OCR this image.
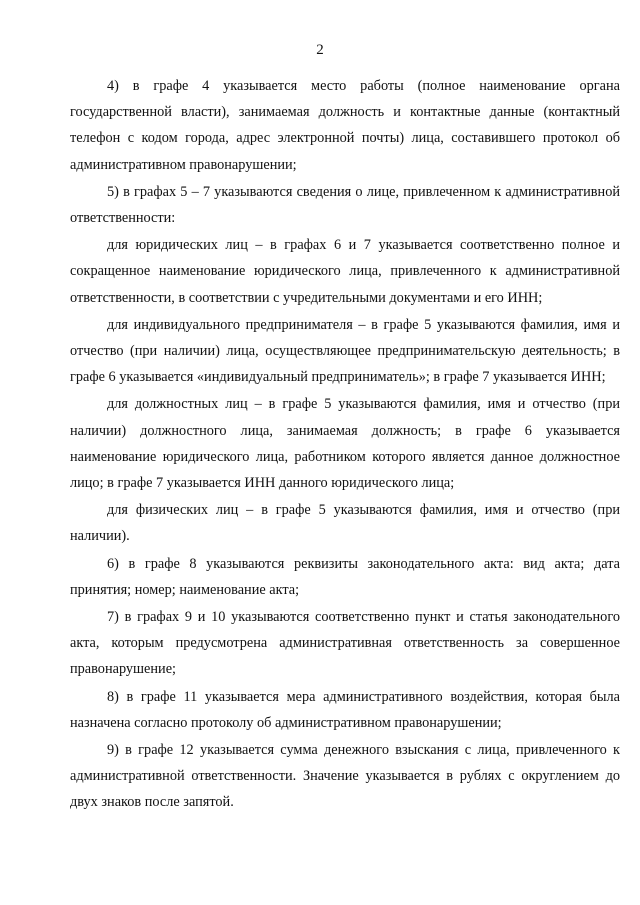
2

4) в графе 4 указывается место работы (полное наименование органа государственной власти), занимаемая должность и контактные данные (контактный телефон с кодом города, адрес электронной почты) лица, составившего протокол об административном правонарушении;

5) в графах 5 – 7 указываются сведения о лице, привлеченном к административной ответственности:

для юридических лиц – в графах 6 и 7 указывается соответственно полное и сокращенное наименование юридического лица, привлеченного к административной ответственности, в соответствии с учредительными документами и его ИНН;

для индивидуального предпринимателя – в графе 5 указываются фамилия, имя и отчество (при наличии) лица, осуществляющее предпринимательскую деятельность; в графе 6 указывается «индивидуальный предприниматель»; в графе 7 указывается ИНН;

для должностных лиц – в графе 5 указываются фамилия, имя и отчество (при наличии) должностного лица, занимаемая должность; в графе 6 указывается наименование юридического лица, работником которого является данное должностное лицо; в графе 7 указывается ИНН данного юридического лица;

для физических лиц – в графе 5 указываются фамилия, имя и отчество (при наличии).

6) в графе 8 указываются реквизиты законодательного акта: вид акта; дата принятия; номер; наименование акта;

7) в графах 9 и 10 указываются соответственно пункт и статья законодательного акта, которым предусмотрена административная ответственность за совершенное правонарушение;

8) в графе 11 указывается мера административного воздействия, которая была назначена согласно протоколу об административном правонарушении;

9) в графе 12 указывается сумма денежного взыскания с лица, привлеченного к административной ответственности. Значение указывается в рублях с округлением до двух знаков после запятой.
